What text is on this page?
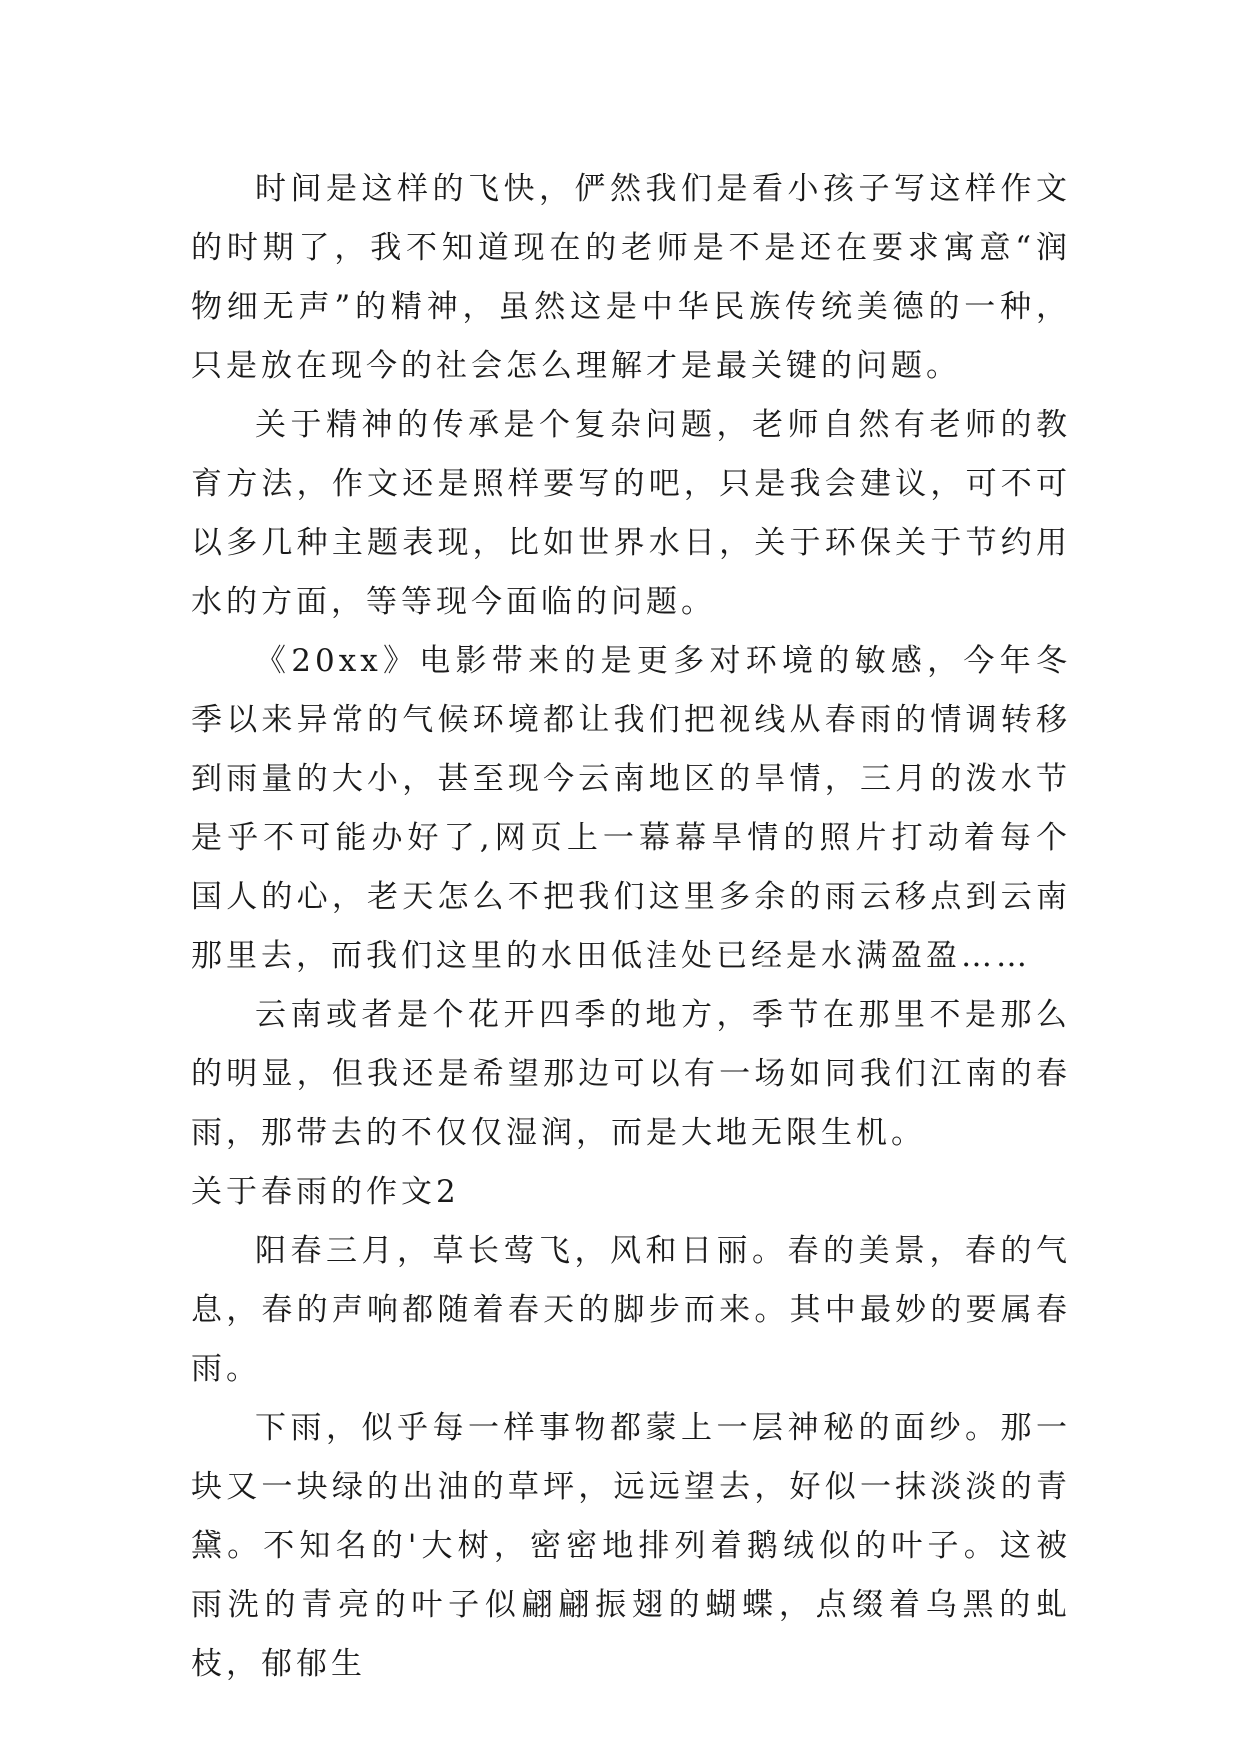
时间是这样的飞快，俨然我们是看小孩子写这样作文的时期了，我不知道现在的老师是不是还在要求寓意“润物细无声”的精神，虽然这是中华民族传统美德的一种，只是放在现今的社会怎么理解才是最关键的问题。

关于精神的传承是个复杂问题，老师自然有老师的教育方法，作文还是照样要写的吧，只是我会建议，可不可以多几种主题表现，比如世界水日，关于环保关于节约用水的方面，等等现今面临的问题。

《20xx》电影带来的是更多对环境的敏感，今年冬季以来异常的气候环境都让我们把视线从春雨的情调转移到雨量的大小，甚至现今云南地区的旱情，三月的泼水节是乎不可能办好了,网页上一幕幕旱情的照片打动着每个国人的心，老天怎么不把我们这里多余的雨云移点到云南那里去，而我们这里的水田低洼处已经是水满盈盈……

云南或者是个花开四季的地方，季节在那里不是那么的明显，但我还是希望那边可以有一场如同我们江南的春雨，那带去的不仅仅湿润，而是大地无限生机。

关于春雨的作文2

阳春三月，草长莺飞，风和日丽。春的美景，春的气息，春的声响都随着春天的脚步而来。其中最妙的要属春雨。

下雨，似乎每一样事物都蒙上一层神秘的面纱。那一块又一块绿的出油的草坪，远远望去，好似一抹淡淡的青黛。不知名的'大树，密密地排列着鹅绒似的叶子。这被雨洗的青亮的叶子似翩翩振翅的蝴蝶，点缀着乌黑的虬枝，郁郁生
